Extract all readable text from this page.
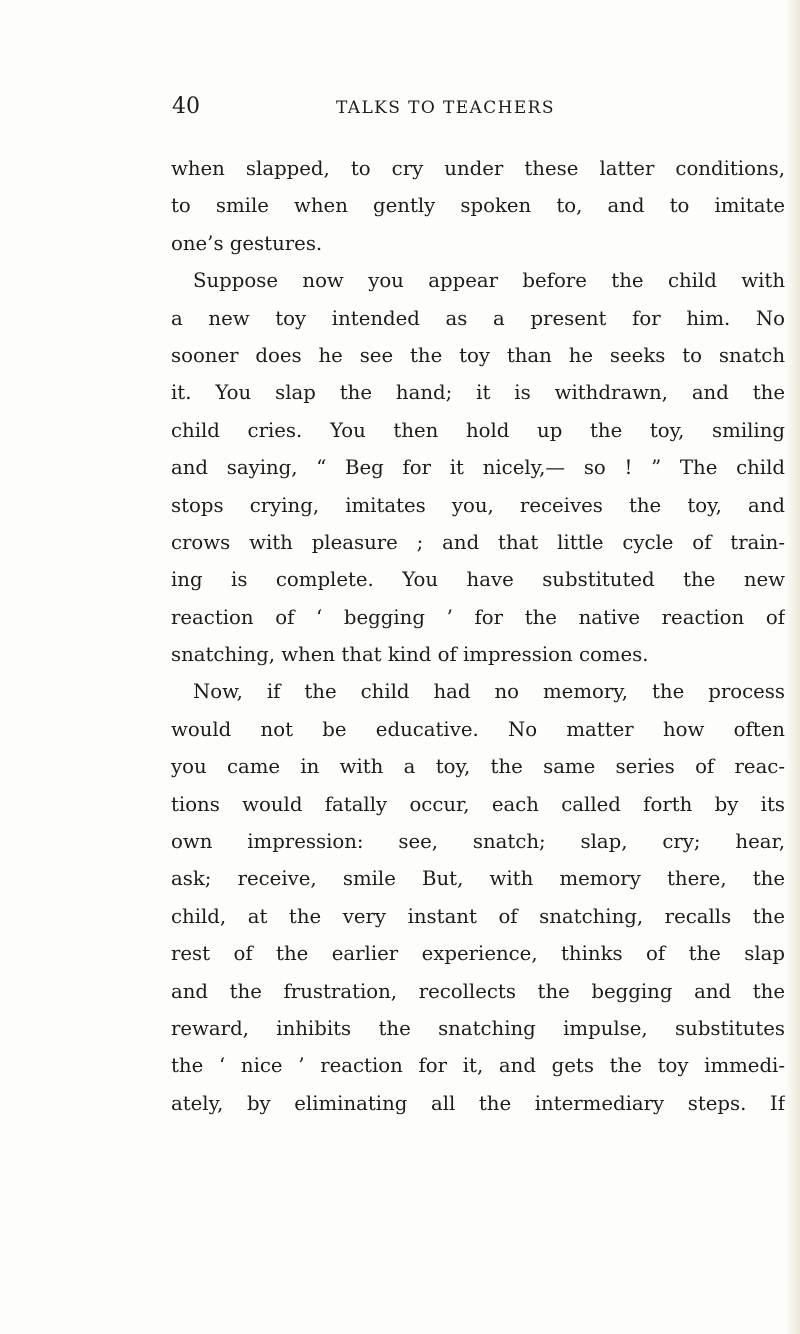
40	TALKS TO TEACHERS
when slapped, to cry under these latter conditions,
to smile when gently spoken to, and to imitate
one’s gestures.
Suppose now you appear before the child with
a new toy intended as a present for him. No
sooner does he see the toy than he seeks to snatch
it. You slap the hand; it is withdrawn, and the
child cries. You then hold up the toy, smiling
and saying, “ Beg for it nicely,— so ! ” The child
stops crying, imitates you, receives the toy, and
crows with pleasure ; and that little cycle of train-
ing is complete. You have substituted the new
reaction of ‘ begging ’ for the native reaction of
snatching, when that kind of impression comes.
Now, if the child had no memory, the process
would not be educative. No matter how often
you came in with a toy, the same series of reac-
tions would fatally occur, each called forth by its
own impression: see, snatch; slap, cry; hear,
ask; receive, smile But, with memory there, the
child, at the very instant of snatching, recalls the
rest of the earlier experience, thinks of the slap
and the frustration, recollects the begging and the
reward, inhibits the snatching impulse, substitutes
the ‘ nice ’ reaction for it, and gets the toy immedi-
ately, by eliminating all the intermediary steps. If
